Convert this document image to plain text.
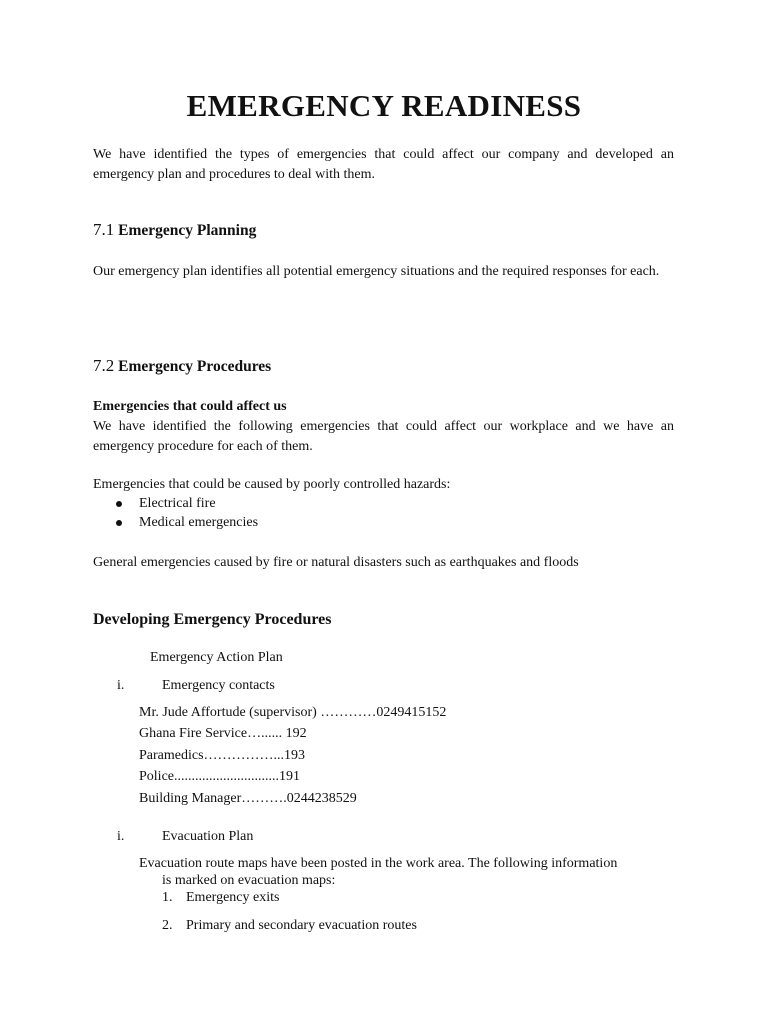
EMERGENCY READINESS
We have identified the types of emergencies that could affect our company and developed an emergency plan and procedures to deal with them.
7.1 Emergency Planning
Our emergency plan identifies all potential emergency situations and the required responses for each.
7.2 Emergency Procedures
Emergencies that could affect us
We have identified the following emergencies that could affect our workplace and we have an emergency procedure for each of them.
Emergencies that could be caused by poorly controlled hazards:
Electrical fire
Medical emergencies
General emergencies caused by fire or natural disasters such as earthquakes and floods
Developing Emergency Procedures
Emergency Action Plan
i.	Emergency contacts
Mr. Jude Affortude (supervisor) …………0249415152
Ghana Fire Service…...... 192
Paramedics……………...193
Police..............................191
Building Manager……….0244238529
i.	Evacuation Plan
Evacuation route maps have been posted in the work area. The following information
is marked on evacuation maps:
1. Emergency exits
2. Primary and secondary evacuation routes
